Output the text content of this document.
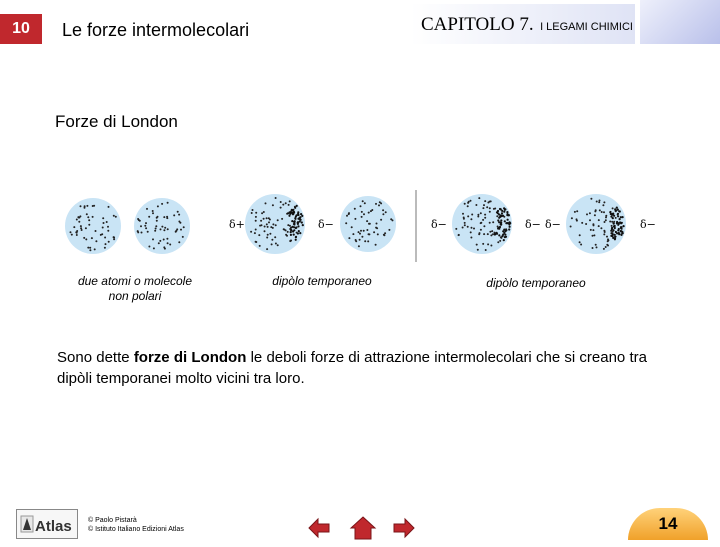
10 Le forze intermolecolari	CAPITOLO 7. I LEGAMI CHIMICI
Forze di London
δ+	δ−	δ−	δ− δ−	δ−
due atomi o molecole
non polari
dipòlo temporaneo	dipòlo temporaneo
Sono dette forze di London le deboli forze di attrazione intermolecolari che si creano tra dipòli temporanei molto vicini tra loro.
Atlas © Paolo Pistarà
© Istituto Italiano Edizioni Atlas	14
